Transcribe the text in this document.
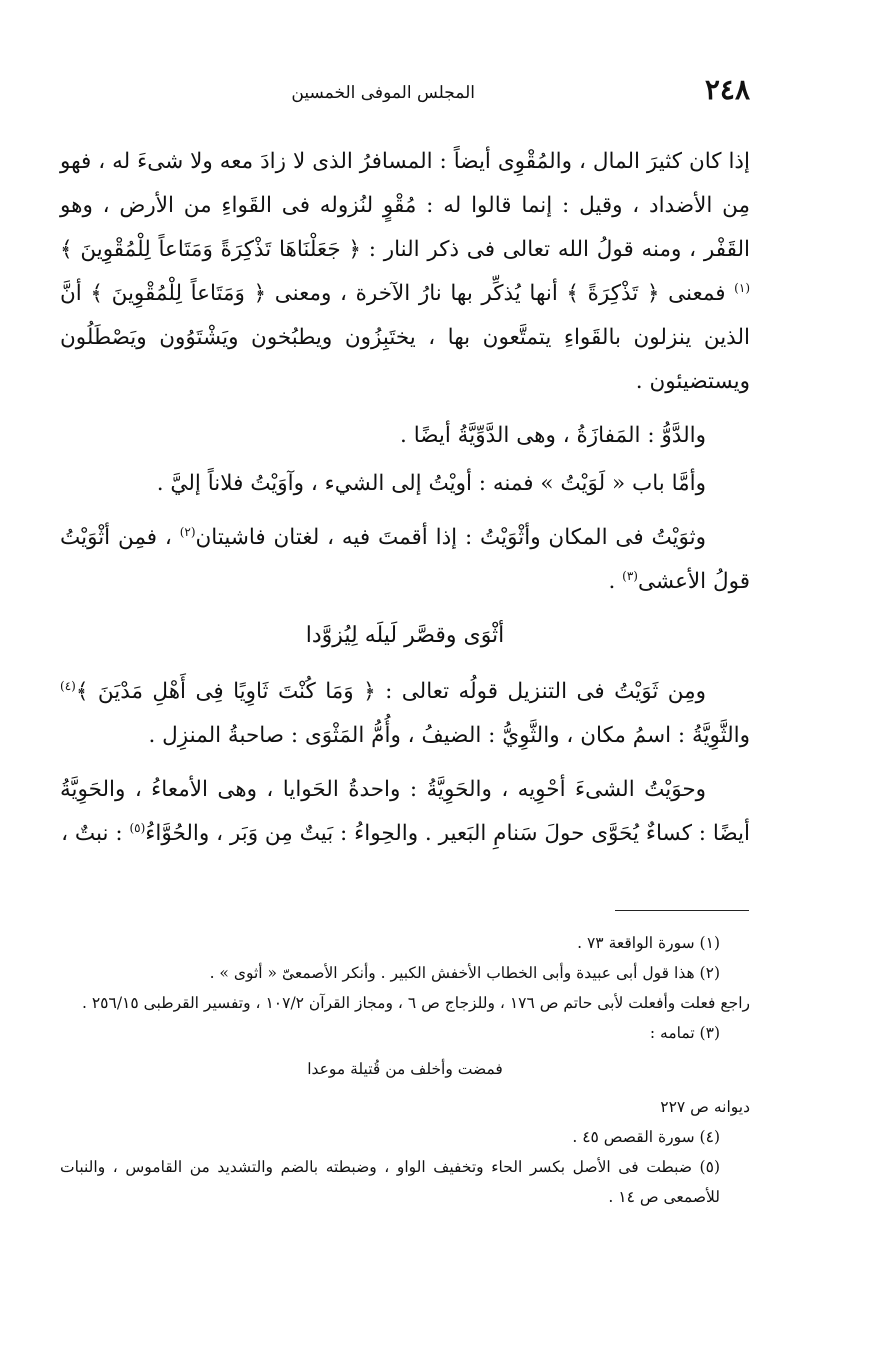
٢٤٨
المجلس الموفى الخمسين

إذا كان كثيرَ المال ، والمُقْوِى أيضاً : المسافرُ الذى لا زادَ معه ولا شىءَ له ، فهو مِن الأضداد ، وقيل : إنما قالوا له : مُقْوٍ لنُزوله فى القَواءِ من الأرض ، وهو القَفْر ، ومنه قولُ الله تعالى فى ذكر النار : ﴿ جَعَلْنَاهَا تَذْكِرَةً وَمَتَاعاً لِلْمُقْوِينَ ﴾$^{(١)}$ فمعنى ﴿ تَذْكِرَةً ﴾ أنها يُذكِّر بها نارُ الآخرة ، ومعنى ﴿ وَمَتَاعاً لِلْمُقْوِينَ ﴾ أنَّ الذين ينزلون بالقَواءِ يتمتَّعون بها ، يختَبِزُون ويطبُخون ويَشْتَوُون ويَصْطَلُون ويستضيئون .

والدَّوُّ : المَفازَةُ ، وهى الدَّوِّيَّةُ أيضًا .

وأمَّا باب « لَوَيْتُ » فمنه : أويْتُ إلى الشيء ، وآوَيْتُ فلاناً إليَّ .

وثوَيْتُ فى المكان وأثْوَيْتُ : إذا أقمتَ فيه ، لغتان فاشيتان$^{(٢)}$ ، فمِن أثْوَيْتُ قولُ الأعشى$^{(٣)}$ .

أثْوَى وقصَّر لَيلَه لِيُزوَّدا

ومِن ثَوَيْتُ فى التنزيل قولُه تعالى : ﴿ وَمَا كُنْتَ ثَاوِيًا فِى أَهْلِ مَدْيَنَ ﴾$^{(٤)}$ والثَّوِيَّةُ : اسمُ مكان ، والثَّوِيُّ : الضيفُ ، وأُمُّ المَثْوَى : صاحبةُ المنزِل .

وحوَيْتُ الشىءَ أحْوِيه ، والحَوِيَّةُ : واحدةُ الحَوايا ، وهى الأمعاءُ ، والحَوِيَّةُ أيضًا : كساءٌ يُحَوَّى حولَ سَنامِ البَعير . والحِواءُ : بَيتٌ مِن وَبَر ، والحُوَّاءُ$^{(٥)}$ : نبتٌ ،

(١) سورة الواقعة ٧٣ .

(٢) هذا قول أبى عبيدة وأبى الخطاب الأخفش الكبير . وأنكر الأصمعىّ « أثوى » .

راجع فعلت وأفعلت لأبى حاتم ص ١٧٦ ، وللزجاج ص ٦ ، ومجاز القرآن ١٠٧/٢ ، وتفسير القرطبى ٢٥٦/١٥ .

(٣) تمامه :

فمضت وأخلف من قُتيلة موعدا

ديوانه ص ٢٢٧

(٤) سورة القصص ٤٥ .

(٥) ضبطت فى الأصل بكسر الحاء وتخفيف الواو ، وضبطته بالضم والتشديد من القاموس ، والنبات للأصمعى ص ١٤ .
